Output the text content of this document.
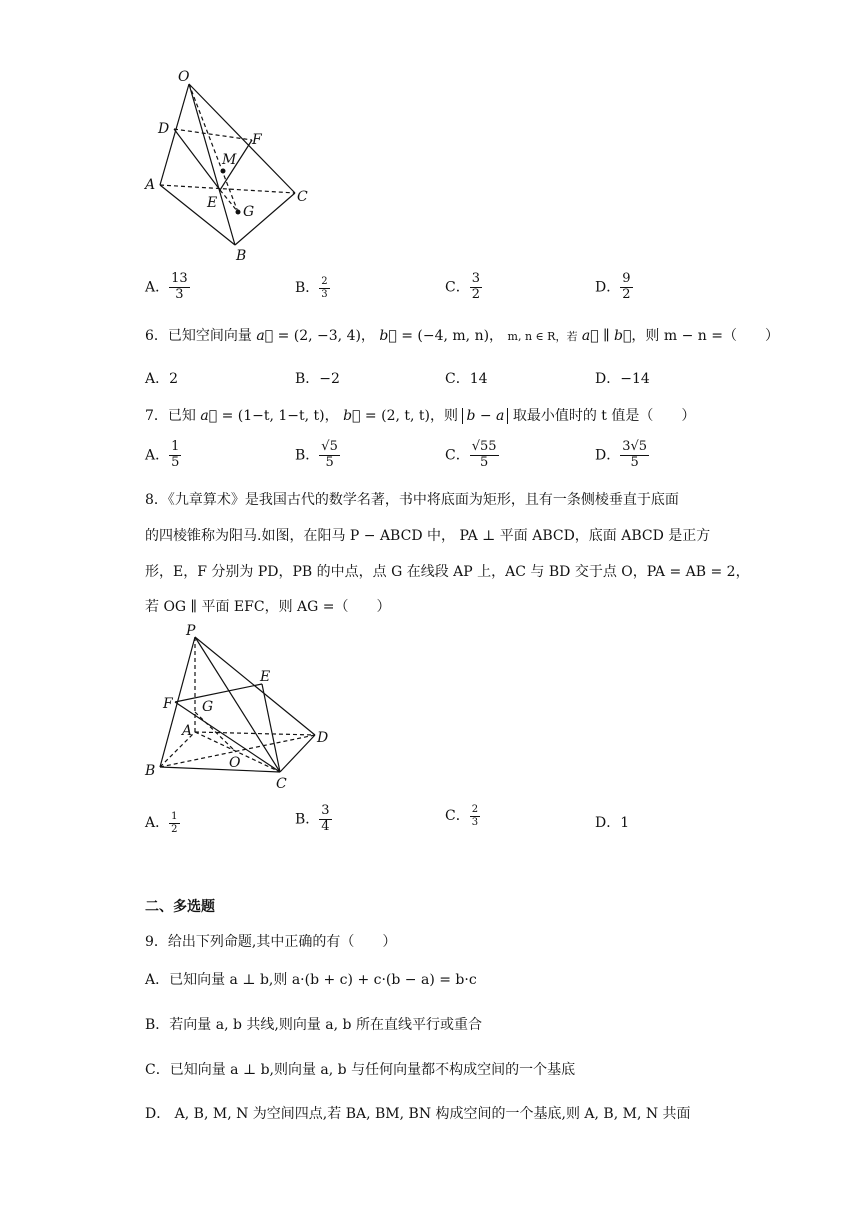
O
D
F
M
A
E
G
C
B
A． $\frac{13}{3}$	B． $\frac{2}{3}$	C． $\frac{3}{2}$	D． $\frac{9}{2}$
6．已知空间向量 a⃗ = (2, −3, 4)， b⃗ = (−4, m, n)， m, n ∈ R，若 a⃗ ∥ b⃗，则 m − n =（　　）
A．2	B．−2	C．14	D．−14
7．已知 a⃗ = (1−t, 1−t, t)， b⃗ = (2, t, t)，则 b − a 取最小值时的 t 值是（　　）
A． $\frac{1}{5}$	B． $\frac{√5}{5}$	C． $\frac{√55}{5}$	D． $\frac{3√5}{5}$
8．《九章算术》是我国古代的数学名著，书中将底面为矩形，且有一条侧棱垂直于底面
的四棱锥称为阳马.如图，在阳马 P − ABCD 中， PA ⊥ 平面 ABCD，底面 ABCD 是正方
形，E，F 分别为 PD，PB 的中点，点 G 在线段 AP 上，AC 与 BD 交于点 O，PA = AB = 2，
若 OG ∥ 平面 EFC，则 AG =（　　）
P
E
F G
A	D
B	O
C
A． $\frac{1}{2}$	B． $\frac{3}{4}$	C． $\frac{2}{3}$	D．1
二、多选题
9．给出下列命题,其中正确的有（　　）
A．已知向量 a ⊥ b,则 a·(b + c) + c·(b − a) = b·c
B．若向量 a, b 共线,则向量 a, b 所在直线平行或重合
C．已知向量 a ⊥ b,则向量 a, b 与任何向量都不构成空间的一个基底
D． A, B, M, N 为空间四点,若 BA, BM, BN 构成空间的一个基底,则 A, B, M, N 共面
